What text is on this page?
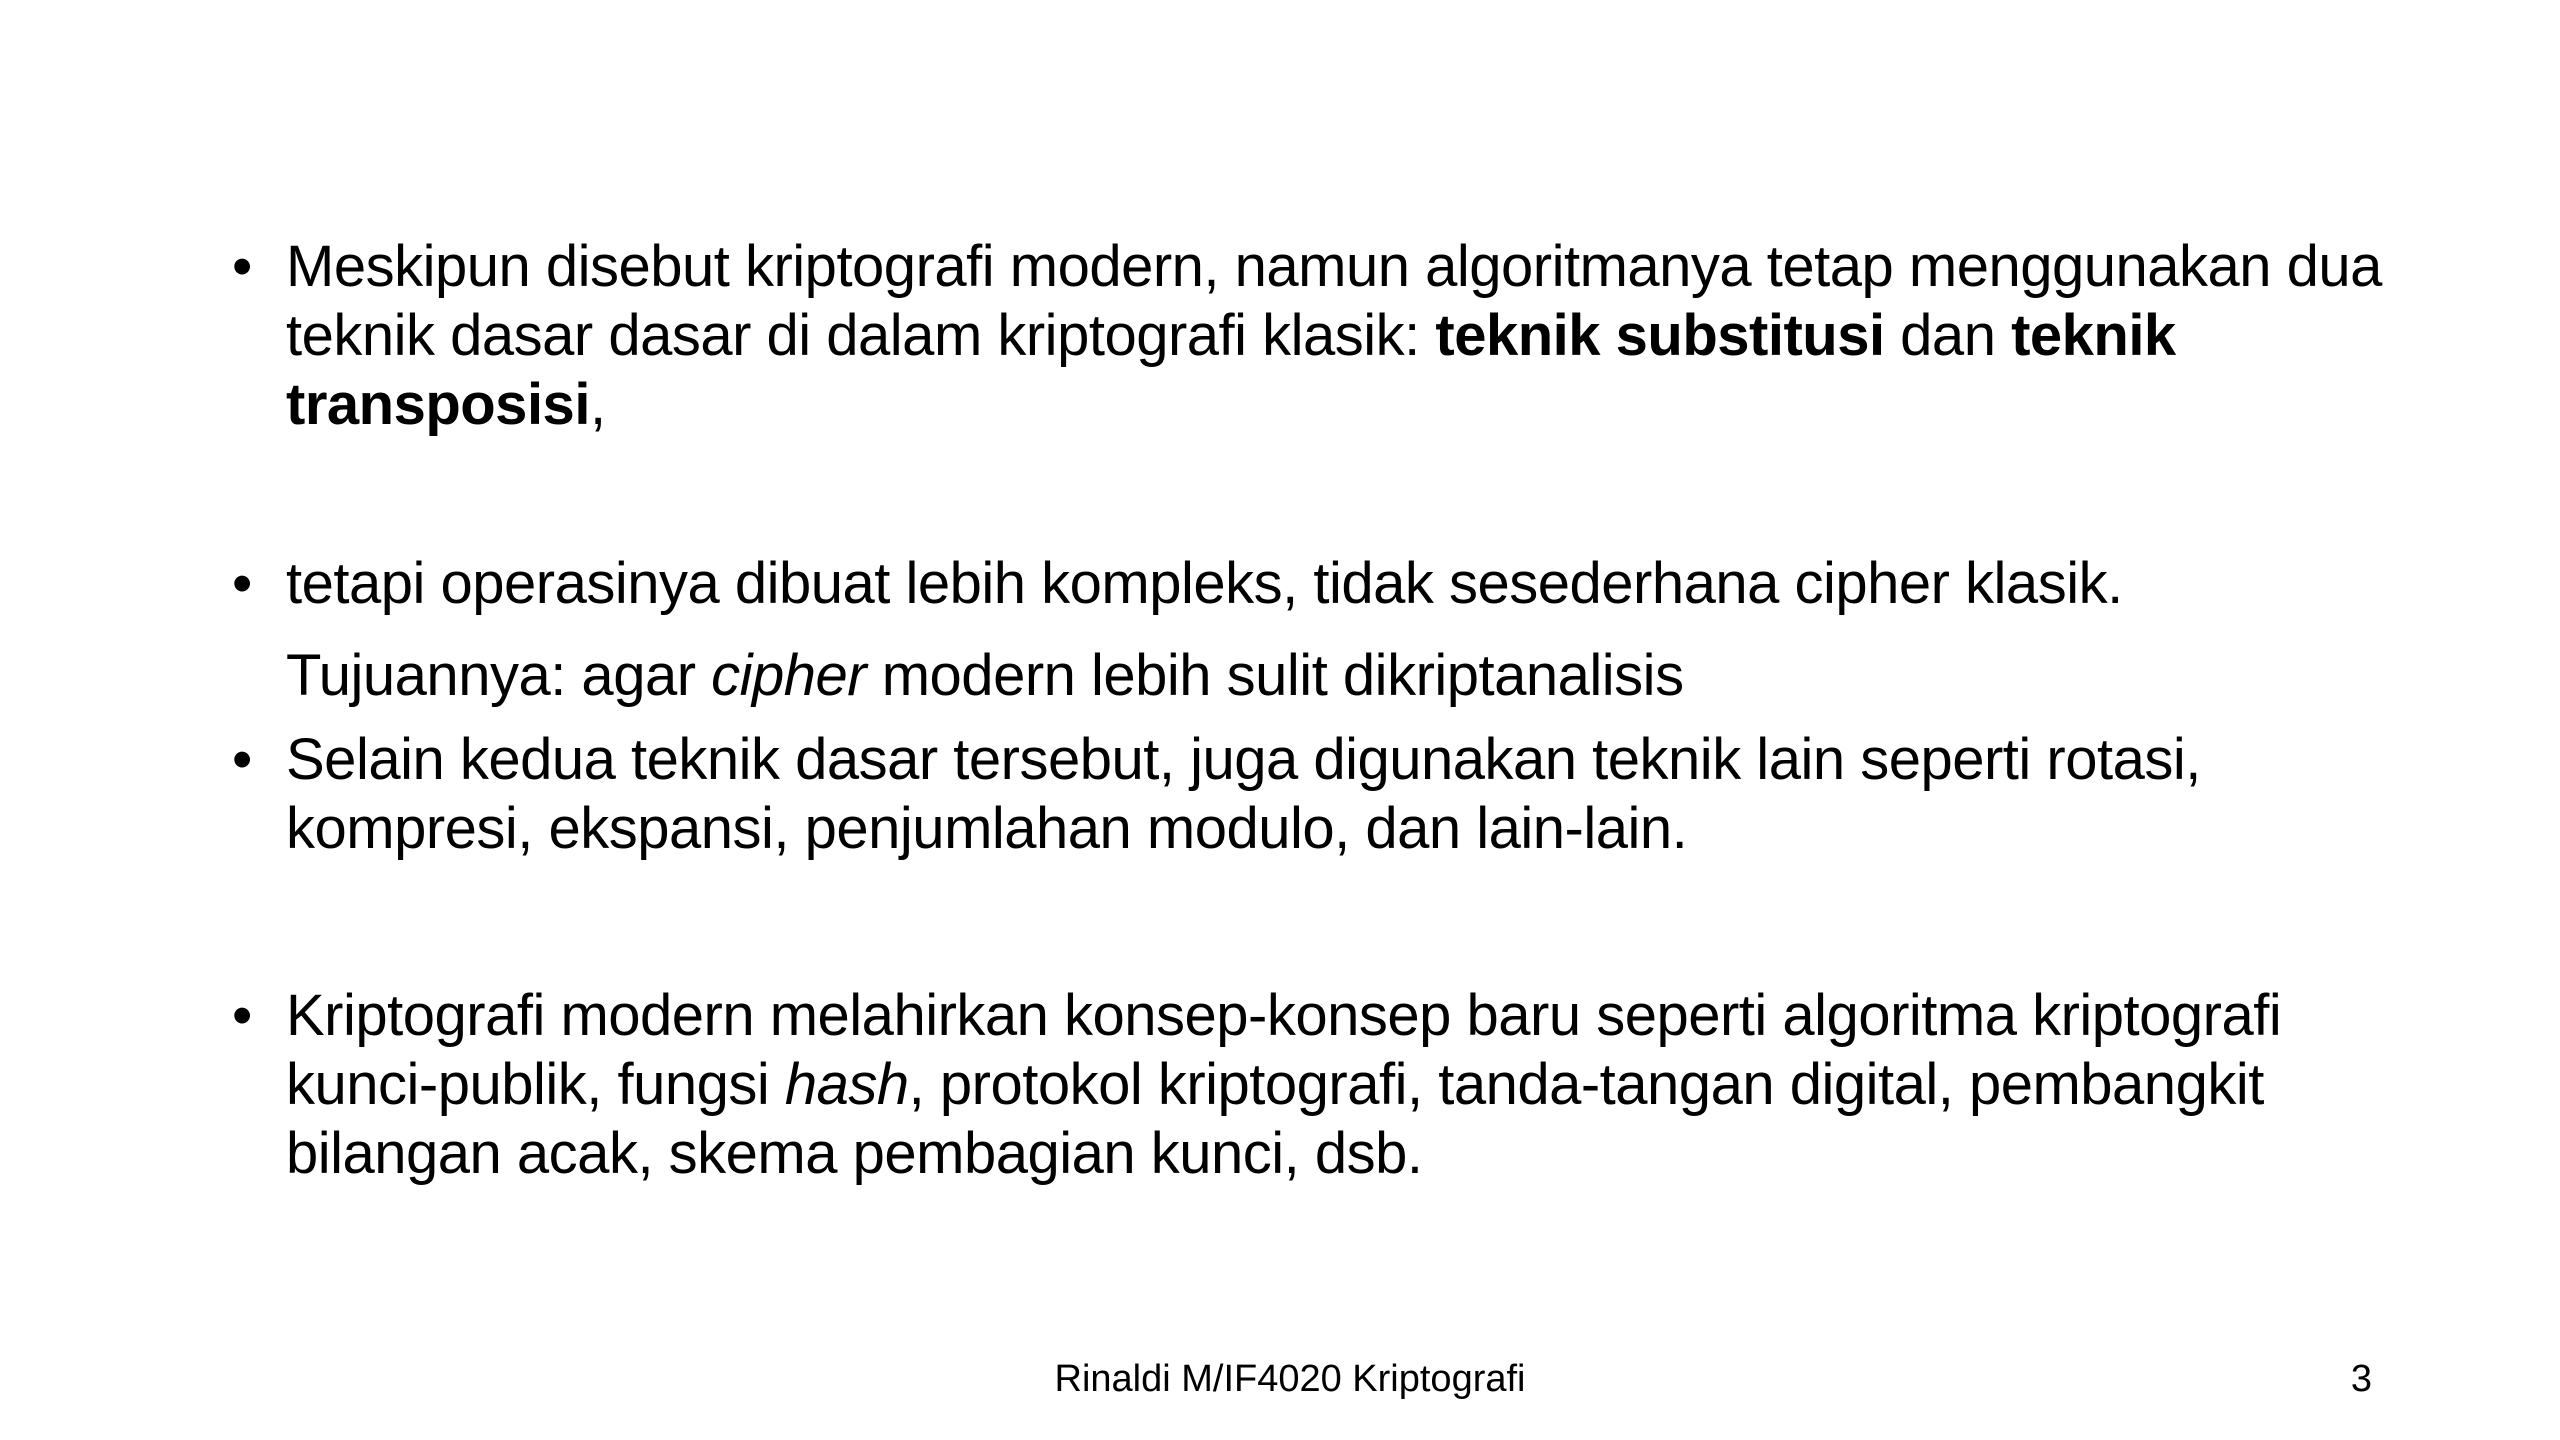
•
Meskipun disebut kriptografi modern, namun algoritmanya tetap menggunakan dua teknik dasar dasar di dalam kriptografi klasik: teknik substitusi dan teknik transposisi,
•
tetapi operasinya dibuat lebih kompleks, tidak sesederhana cipher klasik.
Tujuannya: agar cipher modern lebih sulit dikriptanalisis
•
Selain kedua teknik dasar tersebut, juga digunakan teknik lain seperti rotasi, kompresi, ekspansi, penjumlahan modulo, dan lain-lain.
•
Kriptografi modern melahirkan konsep-konsep baru seperti algoritma kriptografi kunci-publik, fungsi hash, protokol kriptografi, tanda-tangan digital, pembangkit bilangan acak, skema pembagian kunci, dsb.
Rinaldi M/IF4020 Kriptografi	3
